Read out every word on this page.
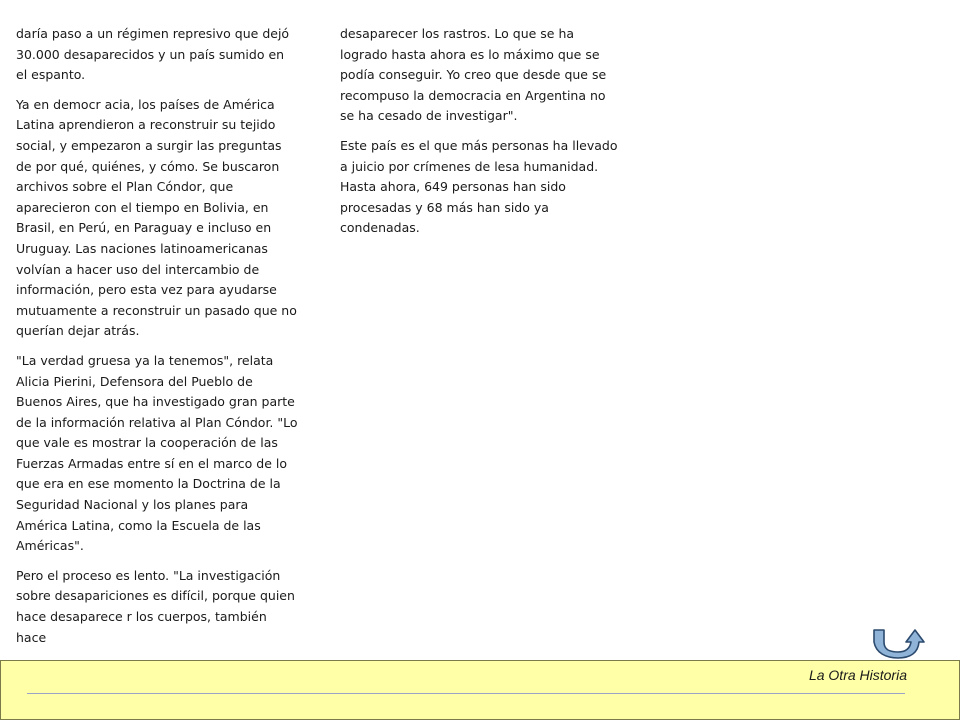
daría paso a un régimen represivo que dejó 30.000 desaparecidos y un país sumido en el espanto.

Ya en democr acia, los países de América Latina aprendieron a reconstruir su tejido social, y empezaron a surgir las preguntas de por qué, quiénes, y cómo. Se buscaron archivos sobre el Plan Cóndor, que aparecieron con el tiempo en Bolivia, en Brasil, en Perú, en Paraguay e incluso en Uruguay. Las naciones latinoamericanas volvían a hacer uso del intercambio de información, pero esta vez para ayudarse mutuamente a reconstruir un pasado que no querían dejar atrás.

"La verdad gruesa ya la tenemos", relata Alicia Pierini, Defensora del Pueblo de Buenos Aires, que ha investigado gran parte de la información relativa al Plan Cóndor. "Lo que vale es mostrar la cooperación de las Fuerzas Armadas entre sí en el marco de lo que era en ese momento la Doctrina de la Seguridad Nacional y los planes para América Latina, como la Escuela de las Américas".

Pero el proceso es lento. "La investigación sobre desapariciones es difícil, porque quien hace desaparece r los cuerpos, también hace

desaparecer los rastros. Lo que se ha logrado hasta ahora es lo máximo que se podía conseguir. Yo creo que desde que se recompuso la democracia en Argentina no se ha cesado de investigar".

Este país es el que más personas ha llevado a juicio por crímenes de lesa humanidad. Hasta ahora, 649 personas han sido procesadas y 68 más han sido ya condenadas.

La Otra Historia
